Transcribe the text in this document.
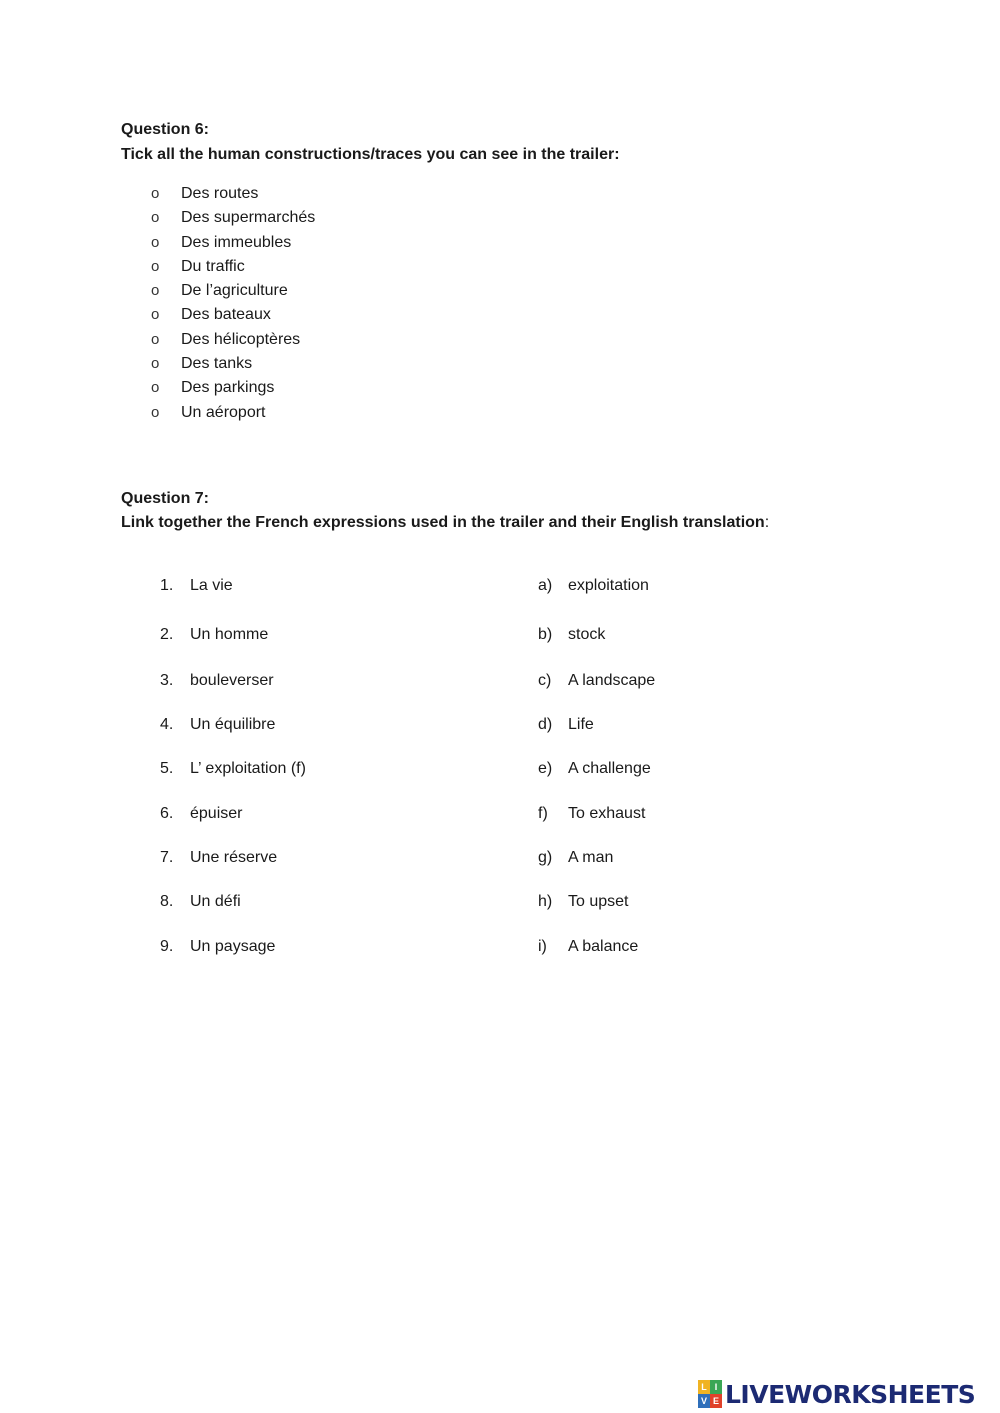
Question 6:
Tick all the human constructions/traces you can see in the trailer:
o Des routes
o Des supermarchés
o Des immeubles
o Du traffic
o De l’agriculture
o Des bateaux
o Des hélicoptères
o Des tanks
o Des parkings
o Un aéroport
Question 7:
Link together the French expressions used in the trailer and their English translation:
1. La vie	a) exploitation
2. Un homme	b) stock
3. bouleverser	c) A landscape
4. Un équilibre	d) Life
5. L’ exploitation (f)	e) A challenge
6. épuiser	f) To exhaust
7. Une réserve	g) A man
8. Un défi	h) To upset
9. Un paysage	i) A balance
L I
V E LIVEWORKSHEETS
